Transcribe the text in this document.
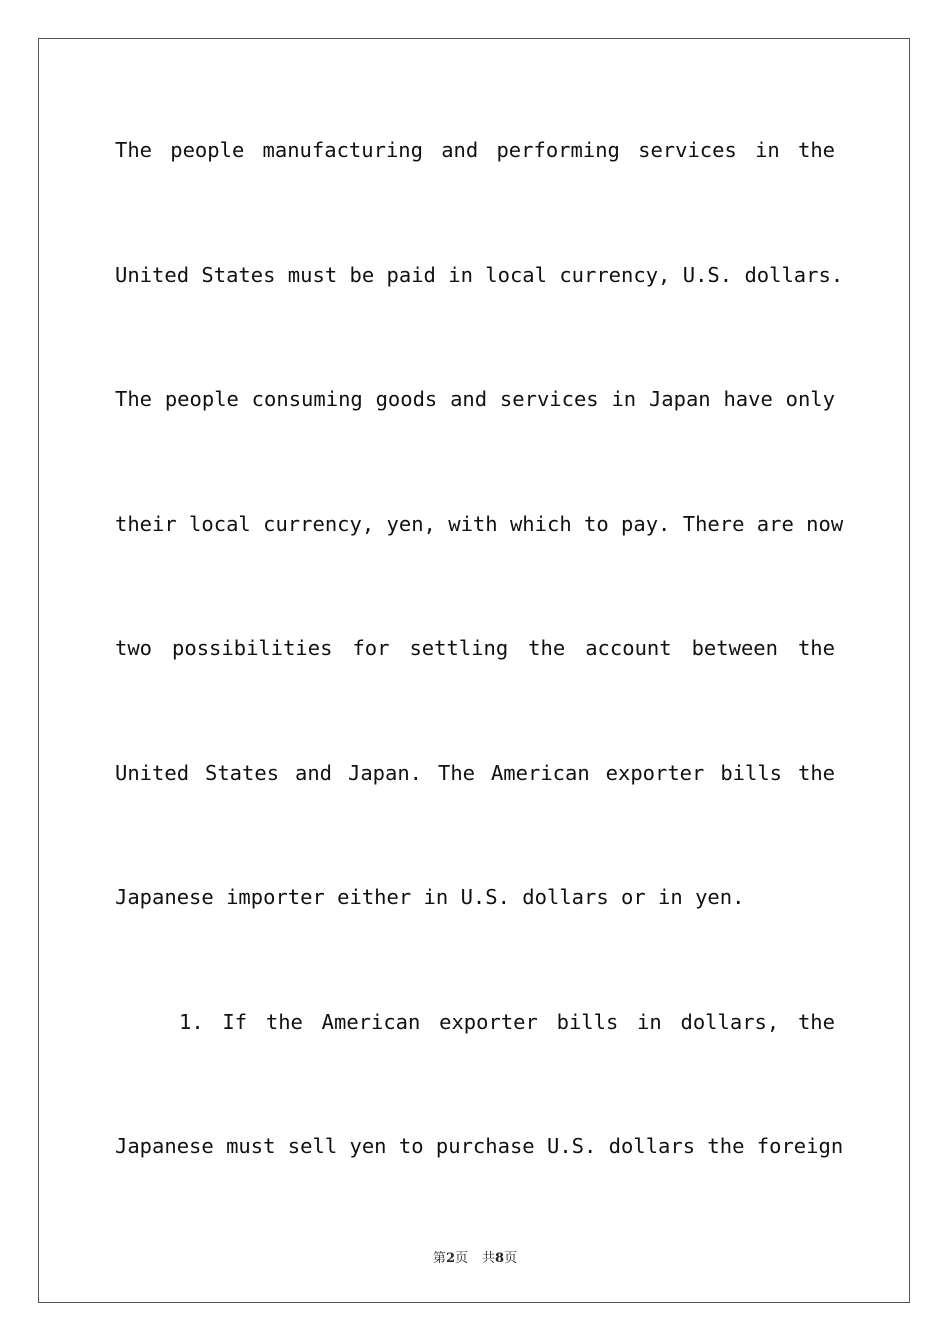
The people manufacturing and performing services in the
United States must be paid in local currency, U.S. dollars.
The people consuming goods and services in Japan have only
their local currency, yen, with which to pay. There are now
two possibilities for settling the account between the
United States and Japan. The American exporter bills the
Japanese importer either in U.S. dollars or in yen.
1. If the American exporter bills in dollars, the
Japanese must sell yen to purchase U.S. dollars the foreign
第2页 共8页
